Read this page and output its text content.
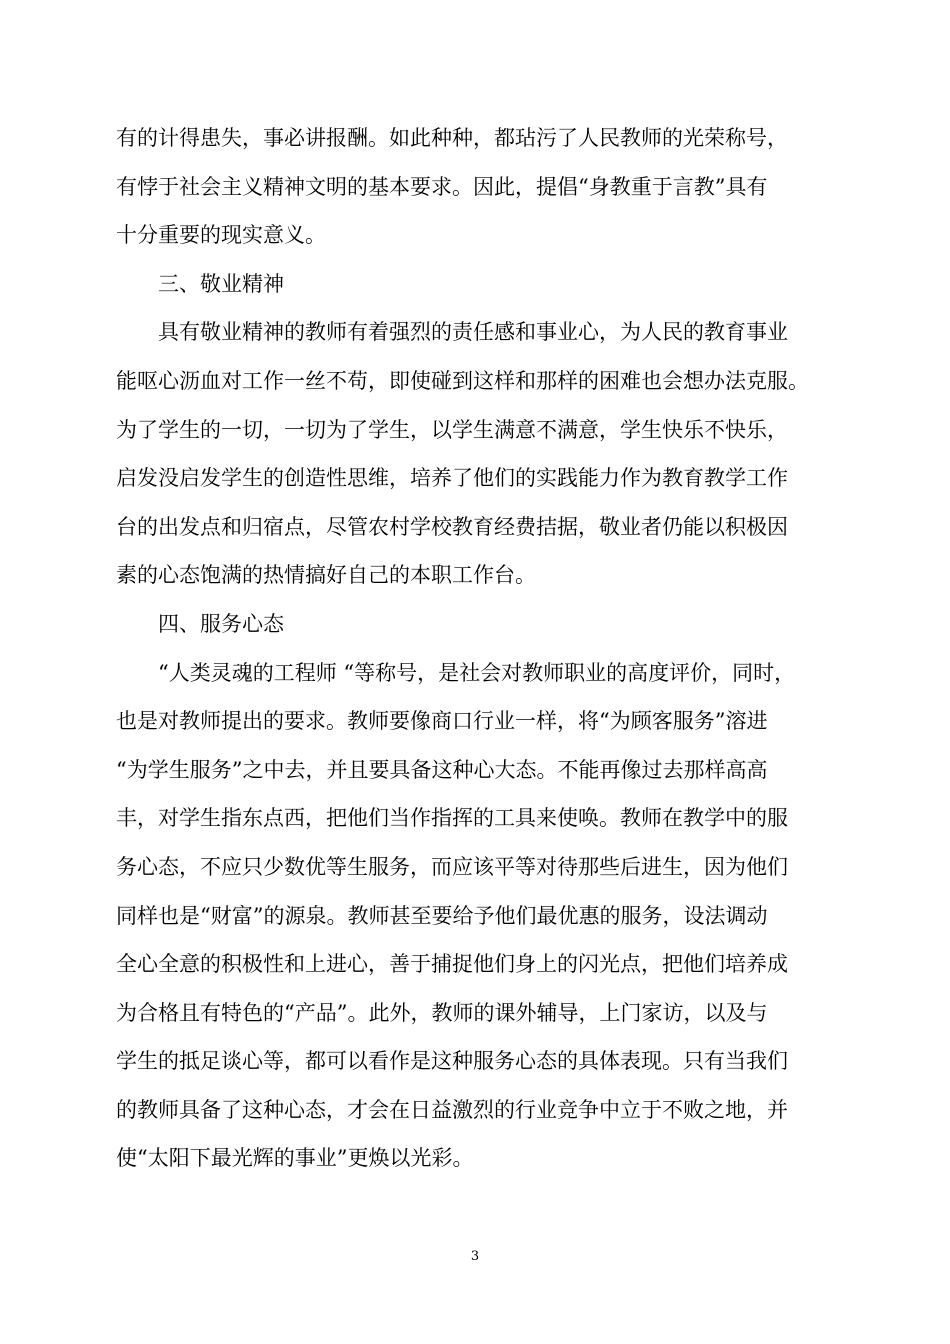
有的计得患失，事必讲报酬。如此种种，都玷污了人民教师的光荣称号，
有悖于社会主义精神文明的基本要求。因此，提倡“身教重于言教”具有
十分重要的现实意义。
三、敬业精神
　　具有敬业精神的教师有着强烈的责任感和事业心，为人民的教育事业
能呕心沥血对工作一丝不苟，即使碰到这样和那样的困难也会想办法克服。
为了学生的一切，一切为了学生，以学生满意不满意，学生快乐不快乐，
启发没启发学生的创造性思维，培养了他们的实践能力作为教育教学工作
台的出发点和归宿点，尽管农村学校教育经费拮据，敬业者仍能以积极因
素的心态饱满的热情搞好自己的本职工作台。
四、服务心态
　　“人类灵魂的工程师 “等称号，是社会对教师职业的高度评价，同时，
也是对教师提出的要求。教师要像商口行业一样，将“为顾客服务”溶进
“为学生服务”之中去，并且要具备这种心大态。不能再像过去那样高高
丰，对学生指东点西，把他们当作指挥的工具来使唤。教师在教学中的服
务心态，不应只少数优等生服务，而应该平等对待那些后进生，因为他们
同样也是“财富”的源泉。教师甚至要给予他们最优惠的服务，设法调动
全心全意的积极性和上进心，善于捕捉他们身上的闪光点，把他们培养成
为合格且有特色的“产品”。此外，教师的课外辅导，上门家访，以及与
学生的抵足谈心等，都可以看作是这种服务心态的具体表现。只有当我们
的教师具备了这种心态，才会在日益激烈的行业竞争中立于不败之地，并
使“太阳下最光辉的事业”更焕以光彩。
3
